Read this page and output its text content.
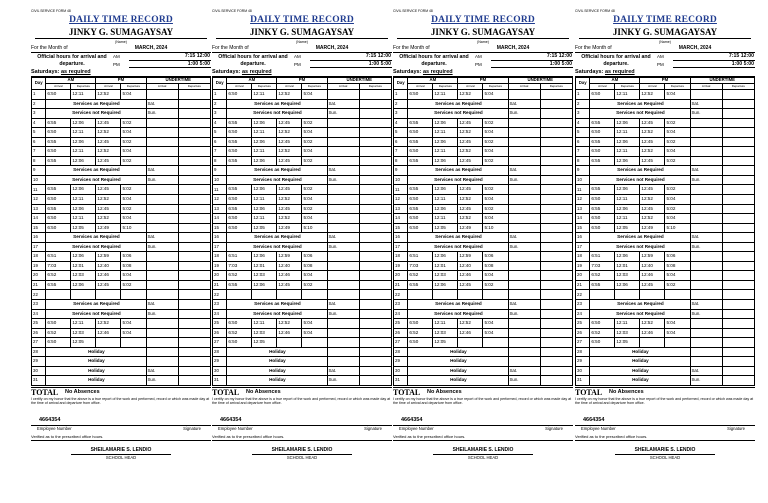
CIVIL SERVICE FORM 48
DAILY TIME RECORD
JINKY G. SUMAGAYSAY
(Name)
For the Month of	MARCH, 2024
Official hours for arrival and departure.
AM	7:15 12:00
PM	1:00 5:00
Saturdays: as required
Day	AM		PM		UNDERTIME	
	Arrival	Departure	Arrival	Departure	Arrival	Departure
1	6:50	12:11	12:52	5:04		
2	Services as Required				Sat.	
3	Services not Required				Sun.	
4	6:55	12:06	12:45	5:02		
5	6:50	12:11	12:52	5:04		
6	6:55	12:06	12:45	5:02		
7	6:50	12:11	12:52	5:04		
8	6:55	12:06	12:45	5:02		
9	Services as Required				Sat.	
10	Services not Required				Sun.	
11	6:55	12:06	12:45	5:02		
12	6:50	12:11	12:52	5:04		
13	6:55	12:06	12:45	5:02		
14	6:50	12:11	12:52	5:04		
15	6:50	12:05	12:49	5:10		
16	Services as Required				Sat.	
17	Services not Required				Sun.	
18	6:51	12:06	12:59	5:06		
19	7:03	12:01	12:40	5:08		
20	6:52	12:03	12:46	5:04		
21	6:55	12:06	12:45	5:02		
22						
23	Services as Required				Sat.	
24	Services not Required				Sun.	
25	6:50	12:11	12:52	5:04		
26	6:52	12:03	12:46	5:04		
27	6:50	12:05				
28	Holiday					
29	Holiday					
30	Holiday				Sat.	
31	Holiday				Sun.	
TOTAL	No Absences
I certify on my honor that the above is a true report of the work and performed, record or which was made day at the time of arrival and departure from office.
4664354
Employee Number	Signature
Verified as to the prescribed office hours.
SHEILAMARIE S. LENDIO
SCHOOL HEAD
CIVIL SERVICE FORM 48
DAILY TIME RECORD
JINKY G. SUMAGAYSAY
(Name)
For the Month of	MARCH, 2024
Official hours for arrival and departure.
AM	7:15 12:00
PM	1:00 5:00
Saturdays: as required
Day	AM		PM		UNDERTIME	
	Arrival	Departure	Arrival	Departure	Arrival	Departure
1	6:50	12:11	12:52	5:04		
2	Services as Required				Sat.	
3	Services not Required				Sun.	
4	6:55	12:06	12:45	5:02		
5	6:50	12:11	12:52	5:04		
6	6:55	12:06	12:45	5:02		
7	6:50	12:11	12:52	5:04		
8	6:55	12:06	12:45	5:02		
9	Services as Required				Sat.	
10	Services not Required				Sun.	
11	6:55	12:06	12:45	5:02		
12	6:50	12:11	12:52	5:04		
13	6:55	12:06	12:45	5:02		
14	6:50	12:11	12:52	5:04		
15	6:50	12:05	12:49	5:10		
16	Services as Required				Sat.	
17	Services not Required				Sun.	
18	6:51	12:06	12:59	5:06		
19	7:03	12:01	12:40	5:08		
20	6:52	12:03	12:46	5:04		
21	6:55	12:06	12:45	5:02		
22						
23	Services as Required				Sat.	
24	Services not Required				Sun.	
25	6:50	12:11	12:52	5:04		
26	6:52	12:03	12:46	5:04		
27	6:50	12:05				
28	Holiday					
29	Holiday					
30	Holiday				Sat.	
31	Holiday				Sun.	
TOTAL	No Absences
I certify on my honor that the above is a true report of the work and performed, record or which was made day at the time of arrival and departure from office.
4664354
Employee Number	Signature
Verified as to the prescribed office hours.
SHEILAMARIE S. LENDIO
SCHOOL HEAD
CIVIL SERVICE FORM 48
DAILY TIME RECORD
JINKY G. SUMAGAYSAY
(Name)
For the Month of	MARCH, 2024
Official hours for arrival and departure.
AM	7:15 12:00
PM	1:00 5:00
Saturdays: as required
Day	AM		PM		UNDERTIME	
	Arrival	Departure	Arrival	Departure	Arrival	Departure
1	6:50	12:11	12:52	5:04		
2	Services as Required				Sat.	
3	Services not Required				Sun.	
4	6:55	12:06	12:45	5:02		
5	6:50	12:11	12:52	5:04		
6	6:55	12:06	12:45	5:02		
7	6:50	12:11	12:52	5:04		
8	6:55	12:06	12:45	5:02		
9	Services as Required				Sat.	
10	Services not Required				Sun.	
11	6:55	12:06	12:45	5:02		
12	6:50	12:11	12:52	5:04		
13	6:55	12:06	12:45	5:02		
14	6:50	12:11	12:52	5:04		
15	6:50	12:05	12:49	5:10		
16	Services as Required				Sat.	
17	Services not Required				Sun.	
18	6:51	12:06	12:59	5:06		
19	7:03	12:01	12:40	5:08		
20	6:52	12:03	12:46	5:04		
21	6:55	12:06	12:45	5:02		
22						
23	Services as Required				Sat.	
24	Services not Required				Sun.	
25	6:50	12:11	12:52	5:04		
26	6:52	12:03	12:46	5:04		
27	6:50	12:05				
28	Holiday					
29	Holiday					
30	Holiday				Sat.	
31	Holiday				Sun.	
TOTAL	No Absences
I certify on my honor that the above is a true report of the work and performed, record or which was made day at the time of arrival and departure from office.
4664354
Employee Number	Signature
Verified as to the prescribed office hours.
SHEILAMARIE S. LENDIO
SCHOOL HEAD
CIVIL SERVICE FORM 48
DAILY TIME RECORD
JINKY G. SUMAGAYSAY
(Name)
For the Month of	MARCH, 2024
Official hours for arrival and departure.
AM	7:15 12:00
PM	1:00 5:00
Saturdays: as required
Day	AM		PM		UNDERTIME	
	Arrival	Departure	Arrival	Departure	Arrival	Departure
1	6:50	12:11	12:52	5:04		
2	Services as Required				Sat.	
3	Services not Required				Sun.	
4	6:55	12:06	12:45	5:02		
5	6:50	12:11	12:52	5:04		
6	6:55	12:06	12:45	5:02		
7	6:50	12:11	12:52	5:04		
8	6:55	12:06	12:45	5:02		
9	Services as Required				Sat.	
10	Services not Required				Sun.	
11	6:55	12:06	12:45	5:02		
12	6:50	12:11	12:52	5:04		
13	6:55	12:06	12:45	5:02		
14	6:50	12:11	12:52	5:04		
15	6:50	12:05	12:49	5:10		
16	Services as Required				Sat.	
17	Services not Required				Sun.	
18	6:51	12:06	12:59	5:06		
19	7:03	12:01	12:40	5:08		
20	6:52	12:03	12:46	5:04		
21	6:55	12:06	12:45	5:02		
22						
23	Services as Required				Sat.	
24	Services not Required				Sun.	
25	6:50	12:11	12:52	5:04		
26	6:52	12:03	12:46	5:04		
27	6:50	12:05				
28	Holiday					
29	Holiday					
30	Holiday				Sat.	
31	Holiday				Sun.	
TOTAL	No Absences
I certify on my honor that the above is a true report of the work and performed, record or which was made day at the time of arrival and departure from office.
4664354
Employee Number	Signature
Verified as to the prescribed office hours.
SHEILAMARIE S. LENDIO
SCHOOL HEAD
